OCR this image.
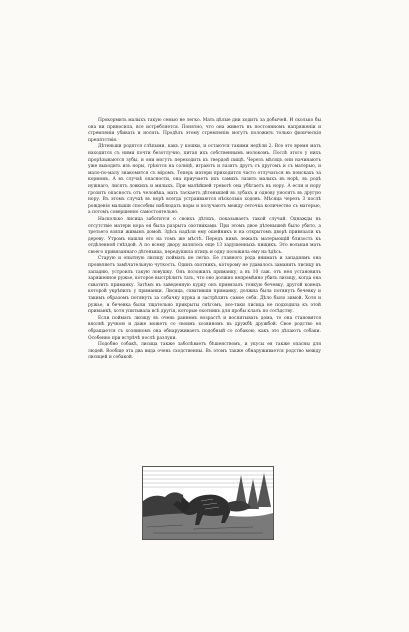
Прокормить малыхъ такую семью не легко. Мать цѣлые дни ходитъ за добычей. И сколько бы она ни приносила, все истребляется. Понятно, что она живетъ въ постоянномъ напряженіи и стремленіи убивать и носить. Продѣлъ этому стремленію могутъ положить только физическія препятствія.

Дѣтеньши родятся слѣпыми, какъ у кошки, и остаются такими недѣли 2. Все это время мать находится съ ними почти безотлучно, питая ихъ собственнымъ молокомъ. Послѣ этого у нихъ прорѣзываются зубы, и они могутъ переходить къ твердой пищѣ. Черезъ мѣсяцъ они начинаютъ уже выходить изъ норы, грѣются на солнцѣ, играютъ и лазятъ другъ съ другомъ и съ матерью, и мало-по-малу знакомятся съ міромъ. Теперь матери приходится часто отлучаться въ поискахъ за кормомъ. А въ случаѣ опасности, она приучаетъ ихъ самихъ лазить малыхъ въ норѣ, въ родѣ нужнаго, лисятъ ловкихъ и милыхъ. При малѣйшей тревогѣ она убѣгаетъ въ нору. А если и нору грозитъ опасность отъ человѣка, мать таскаетъ дѣтенышей въ зубахъ и однову уноситъ въ другую нору. Въ этомъ случаѣ въ норѣ всегда устраиваются нѣсколько ходовъ. Мѣсяца черезъ 3 послѣ рожденія малыши способны наблюдать норы и получаютъ между сеточка количество съ матерью, а потомъ совершенно самостоятельно.

Насколько лисица заботится о своихъ дѣтяхъ, показываетъ такой случай. Однажды въ отсутствіе матери нора ея была разрыта охотниками. При этомъ двое дѣтенышей было убито, а третьего взяли живымъ домой. Здѣсь надѣли ему ошейникъ и на открытомъ дворѣ привязали къ дереву. Утромъ нашли его на томъ же мѣстѣ. Передъ нимъ лежалъ матерьющій близость къ отдѣленной гнѣздой. А по всему двору валялось еще 13 задушенныхъ пищикъ. Это вольная мать своего привязаннаго дѣтеныша, передушила птицъ и одну положила ему на ѣдѣсь.

Старую и опытную лисицу поймать не легко. Ее главного рода внимать и западнямъ она проявляетъ замѣчательную чуткость. Одинъ охотникъ, которому не удавалось заманить лисицу въ западню, устроилъ такую ловушку. Онъ положилъ приманку, а въ 10 саж. отъ нея установилъ заряженное ружье, которое выстрѣлитъ тать, что оно должно непремѣнно убить лисицу, когда она схватитъ приманку. Затѣмъ въ заведенную курку онъ привязалъ тонкую бечевку, другой конецъ которой укрѣпилъ у приманки. Лисица, схвативши приманку, должна была потянуть бечевку и такимъ образомъ потянуть за собачку курка и застрѣлить самое себя. Дѣло было зимой. Хотя и ружье, и бечевка были тщательно прикрыты снѣгомъ, все-таки лисица не подходила къ этой приманкѣ, хотя упитывала всѣ другія, которые охотникъ для пробы клалъ по сосѣдству.

Если поймать лисицу въ очень раннемъ возрастѣ и воспитывать дома, то она становится вполнѣ ручною и даже можетъ со своимъ хозяиномъ въ дружбѣ дружбой. Свое родство ея обращается съ хозяиномъ она обнаруживаетъ подобный со собакою, какъ это дѣлаютъ собаки. Особенно при встрѣчѣ послѣ разлуки.

Подобно собакѣ, лисица также заболѣваетъ бѣшенствомъ, и укусы ея также опасны для людей. Вообще эта два вида очень сходственны. Въ этомъ также обнаруживается родство между лисицей и собакой.
